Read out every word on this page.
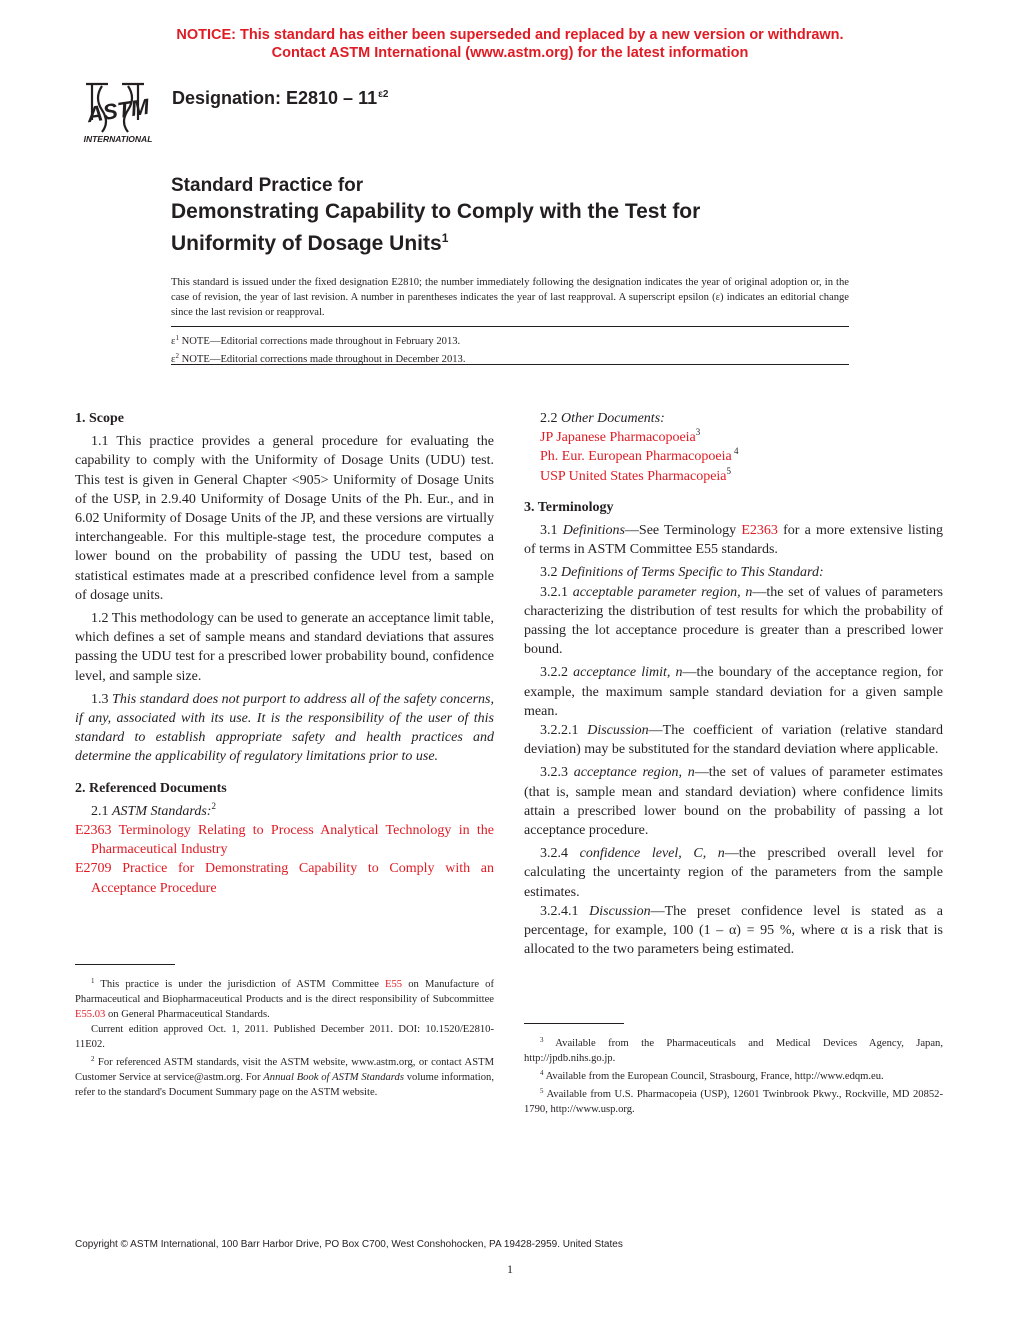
NOTICE: This standard has either been superseded and replaced by a new version or withdrawn.
Contact ASTM International (www.astm.org) for the latest information
ASTM
INTERNATIONAL
Designation: $E2810 - 11^{\varepsilon 2}$
Standard Practice for
Demonstrating Capability to Comply with the Test for
Uniformity of Dosage Units$^1$
This standard is issued under the fixed designation E2810; the number immediately following the designation indicates the year of original adoption or, in the case of revision, the year of last revision. A number in parentheses indicates the year of last reapproval. A superscript epsilon (ε) indicates an editorial change since the last revision or reapproval.
$\varepsilon^1$ NOTE—Editorial corrections made throughout in February 2013.
$\varepsilon^2$ NOTE—Editorial corrections made throughout in December 2013.

1. Scope

1.1 This practice provides a general procedure for evaluating the capability to comply with the Uniformity of Dosage Units (UDU) test. This test is given in General Chapter <905> Uniformity of Dosage Units of the USP, in 2.9.40 Uniformity of Dosage Units of the Ph. Eur., and in 6.02 Uniformity of Dosage Units of the JP, and these versions are virtually interchangeable. For this multiple-stage test, the procedure computes a lower bound on the probability of passing the UDU test, based on statistical estimates made at a prescribed confidence level from a sample of dosage units.

1.2 This methodology can be used to generate an acceptance limit table, which defines a set of sample means and standard deviations that assures passing the UDU test for a prescribed lower probability bound, confidence level, and sample size.

1.3 This standard does not purport to address all of the safety concerns, if any, associated with its use. It is the responsibility of the user of this standard to establish appropriate safety and health practices and determine the applicability of regulatory limitations prior to use.

2. Referenced Documents

2.1 ASTM Standards:$^2$

E2363 Terminology Relating to Process Analytical Technology in the Pharmaceutical Industry

E2709 Practice for Demonstrating Capability to Comply with an Acceptance Procedure

$^1$ This practice is under the jurisdiction of ASTM Committee E55 on Manufacture of Pharmaceutical and Biopharmaceutical Products and is the direct responsibility of Subcommittee E55.03 on General Pharmaceutical Standards.

Current edition approved Oct. 1, 2011. Published December 2011. DOI: 10.1520/E2810-11E02.

$^2$ For referenced ASTM standards, visit the ASTM website, www.astm.org, or contact ASTM Customer Service at service@astm.org. For Annual Book of ASTM Standards volume information, refer to the standard's Document Summary page on the ASTM website.

2.2 Other Documents:

JP Japanese Pharmacopoeia$^3$

Ph. Eur. European Pharmacopoeia $^4$

USP United States Pharmacopeia$^5$

3. Terminology

3.1 Definitions—See Terminology E2363 for a more extensive listing of terms in ASTM Committee E55 standards.

3.2 Definitions of Terms Specific to This Standard:

3.2.1 acceptable parameter region, n—the set of values of parameters characterizing the distribution of test results for which the probability of passing the lot acceptance procedure is greater than a prescribed lower bound.

3.2.2 acceptance limit, n—the boundary of the acceptance region, for example, the maximum sample standard deviation for a given sample mean.

3.2.2.1 Discussion—The coefficient of variation (relative standard deviation) may be substituted for the standard deviation where applicable.

3.2.3 acceptance region, n—the set of values of parameter estimates (that is, sample mean and standard deviation) where confidence limits attain a prescribed lower bound on the probability of passing a lot acceptance procedure.

3.2.4 confidence level, C, n—the prescribed overall level for calculating the uncertainty region of the parameters from the sample estimates.

3.2.4.1 Discussion—The preset confidence level is stated as a percentage, for example, 100 (1 – α) = 95 %, where α is a risk that is allocated to the two parameters being estimated.

$^3$ Available from the Pharmaceuticals and Medical Devices Agency, Japan, http://jpdb.nihs.go.jp.

$^4$ Available from the European Council, Strasbourg, France, http://www.edqm.eu.

$^5$ Available from U.S. Pharmacopeia (USP), 12601 Twinbrook Pkwy., Rockville, MD 20852-1790, http://www.usp.org.

Copyright © ASTM International, 100 Barr Harbor Drive, PO Box C700, West Conshohocken, PA 19428-2959. United States
1
